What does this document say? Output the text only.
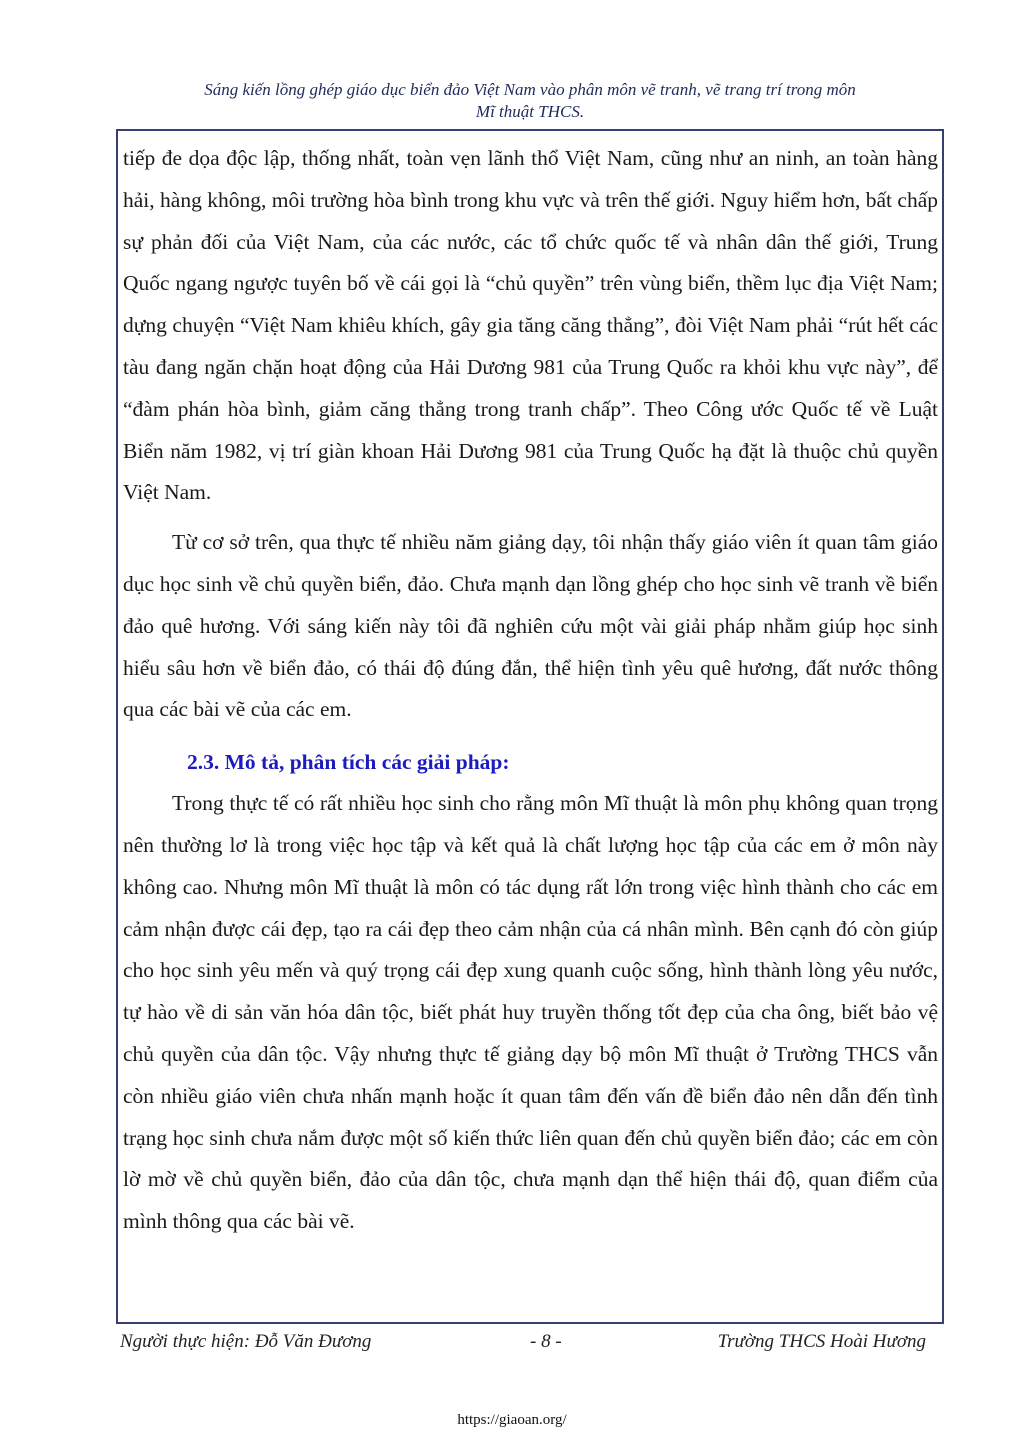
Sáng kiến lồng ghép giáo dục biển đảo Việt Nam vào phân môn vẽ tranh, vẽ trang trí trong môn
Mĩ thuật THCS.

tiếp đe dọa độc lập, thống nhất, toàn vẹn lãnh thổ Việt Nam, cũng như an ninh, an toàn hàng hải, hàng không, môi trường hòa bình trong khu vực và trên thế giới. Nguy hiểm hơn, bất chấp sự phản đối của Việt Nam, của các nước, các tổ chức quốc tế và nhân dân thế giới, Trung Quốc ngang ngược tuyên bố về cái gọi là “chủ quyền” trên vùng biển, thềm lục địa Việt Nam; dựng chuyện “Việt Nam khiêu khích, gây gia tăng căng thẳng”, đòi Việt Nam phải “rút hết các tàu đang ngăn chặn hoạt động của Hải Dương 981 của Trung Quốc ra khỏi khu vực này”, để “đàm phán hòa bình, giảm căng thẳng trong tranh chấp”. Theo Công ước Quốc tế về Luật Biển năm 1982, vị trí giàn khoan Hải Dương 981 của Trung Quốc hạ đặt là thuộc chủ quyền Việt Nam.

Từ cơ sở trên, qua thực tế nhiều năm giảng dạy, tôi nhận thấy giáo viên ít quan tâm giáo dục học sinh về chủ quyền biển, đảo. Chưa mạnh dạn lồng ghép cho học sinh vẽ tranh về biển đảo quê hương. Với sáng kiến này tôi đã nghiên cứu một vài giải pháp nhằm giúp học sinh hiểu sâu hơn về biển đảo, có thái độ đúng đắn, thể hiện tình yêu quê hương, đất nước thông qua các bài vẽ của các em.

2.3. Mô tả, phân tích các giải pháp:

Trong thực tế có rất nhiều học sinh cho rằng môn Mĩ thuật là môn phụ không quan trọng nên thường lơ là trong việc học tập và kết quả là chất lượng học tập của các em ở môn này không cao. Nhưng môn Mĩ thuật là môn có tác dụng rất lớn trong việc hình thành cho các em cảm nhận được cái đẹp, tạo ra cái đẹp theo cảm nhận của cá nhân mình. Bên cạnh đó còn giúp cho học sinh yêu mến và quý trọng cái đẹp xung quanh cuộc sống, hình thành lòng yêu nước, tự hào về di sản văn hóa dân tộc, biết phát huy truyền thống tốt đẹp của cha ông, biết bảo vệ chủ quyền của dân tộc. Vậy nhưng thực tế giảng dạy bộ môn Mĩ thuật ở Trường THCS vẫn còn nhiều giáo viên chưa nhấn mạnh hoặc ít quan tâm đến vấn đề biển đảo nên dẫn đến tình trạng học sinh chưa nắm được một số kiến thức liên quan đến chủ quyền biển đảo; các em còn lờ mờ về chủ quyền biển, đảo của dân tộc, chưa mạnh dạn thể hiện thái độ, quan điểm của mình thông qua các bài vẽ.

Người thực hiện: Đỗ Văn Đương	- 8 -	Trường THCS Hoài Hương
https://giaoan.org/
